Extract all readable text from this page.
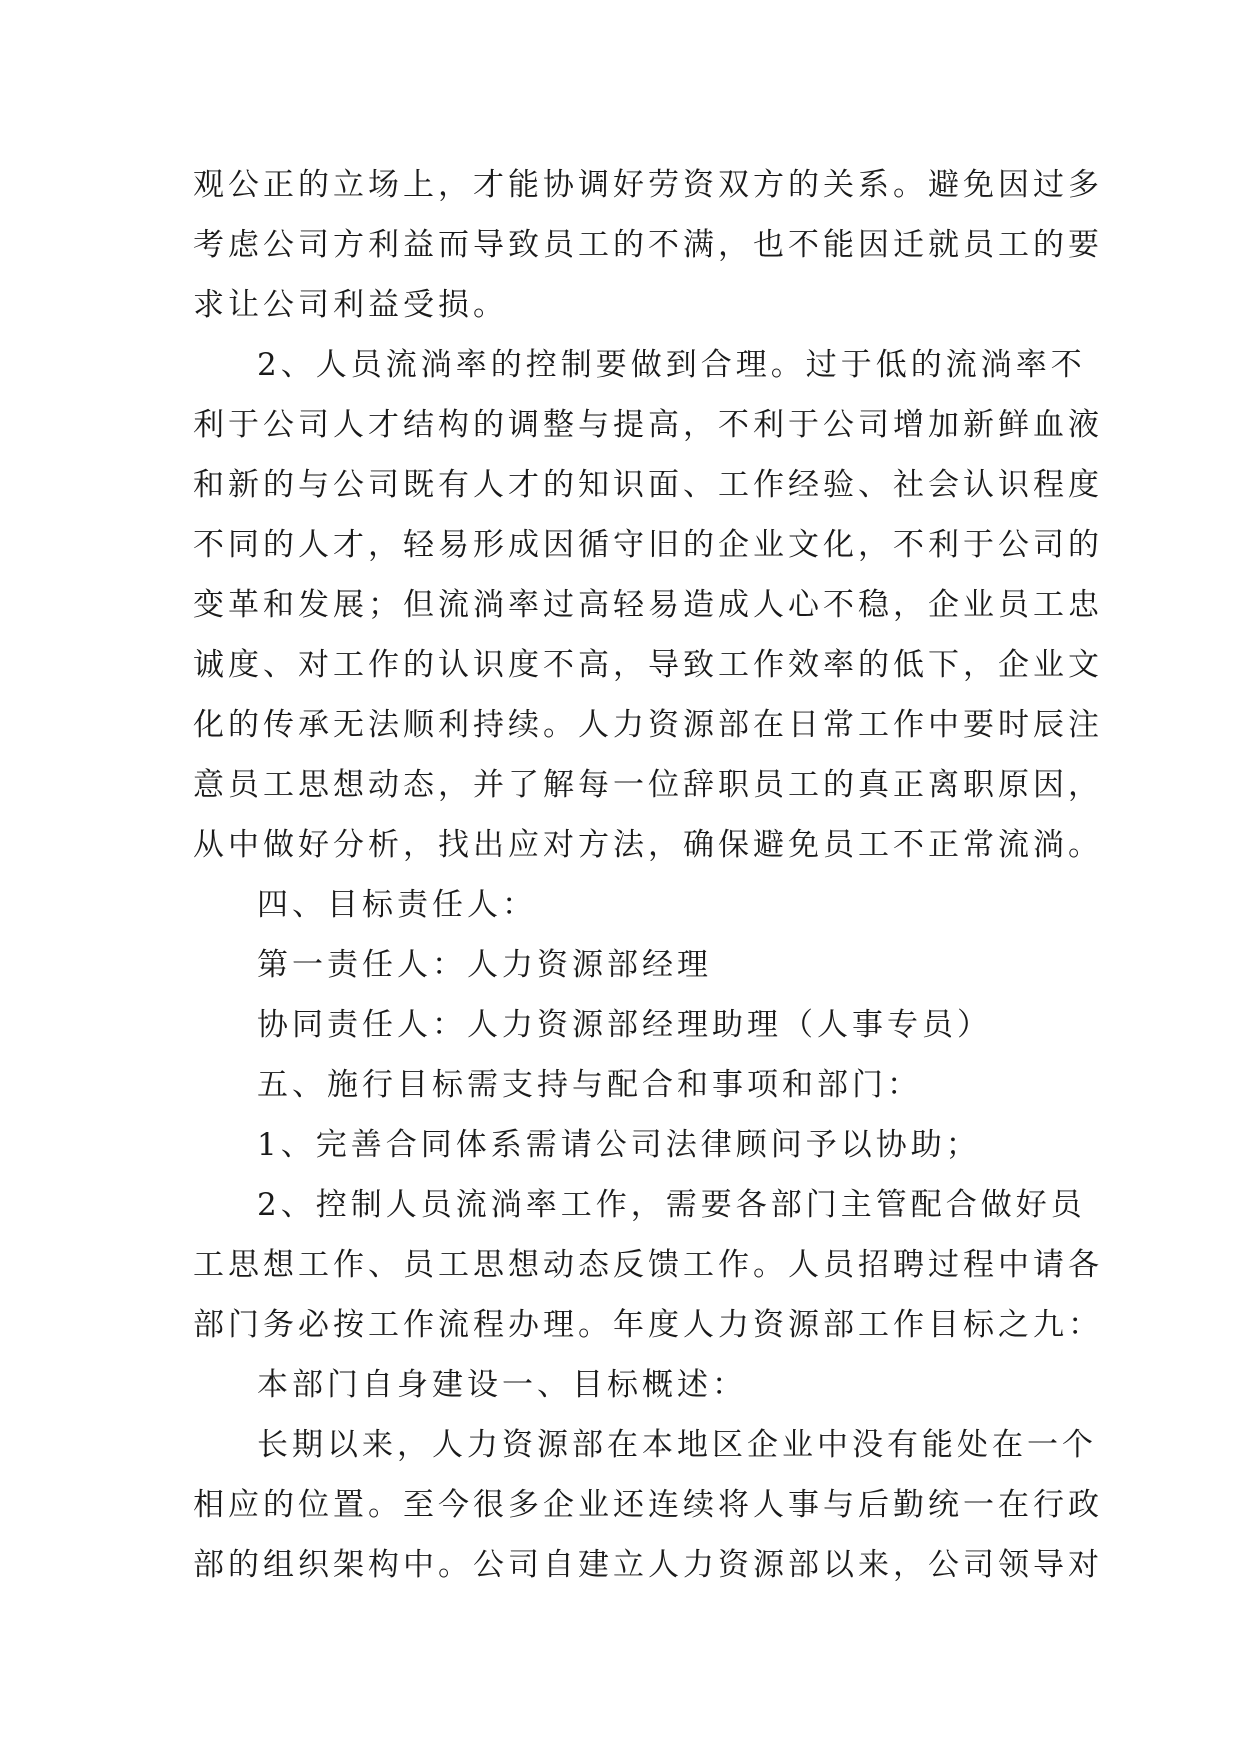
观公正的立场上，才能协调好劳资双方的关系。避免因过多
考虑公司方利益而导致员工的不满，也不能因迁就员工的要
求让公司利益受损。
2、人员流淌率的控制要做到合理。过于低的流淌率不
利于公司人才结构的调整与提高，不利于公司增加新鲜血液
和新的与公司既有人才的知识面、工作经验、社会认识程度
不同的人才，轻易形成因循守旧的企业文化，不利于公司的
变革和发展；但流淌率过高轻易造成人心不稳，企业员工忠
诚度、对工作的认识度不高，导致工作效率的低下，企业文
化的传承无法顺利持续。人力资源部在日常工作中要时辰注
意员工思想动态，并了解每一位辞职员工的真正离职原因，
从中做好分析，找出应对方法，确保避免员工不正常流淌。
四、目标责任人：
第一责任人：人力资源部经理
协同责任人：人力资源部经理助理（人事专员）
五、施行目标需支持与配合和事项和部门：
1、完善合同体系需请公司法律顾问予以协助；
2、控制人员流淌率工作，需要各部门主管配合做好员
工思想工作、员工思想动态反馈工作。人员招聘过程中请各
部门务必按工作流程办理。年度人力资源部工作目标之九：
本部门自身建设一、目标概述：
长期以来，人力资源部在本地区企业中没有能处在一个
相应的位置。至今很多企业还连续将人事与后勤统一在行政
部的组织架构中。公司自建立人力资源部以来，公司领导对
